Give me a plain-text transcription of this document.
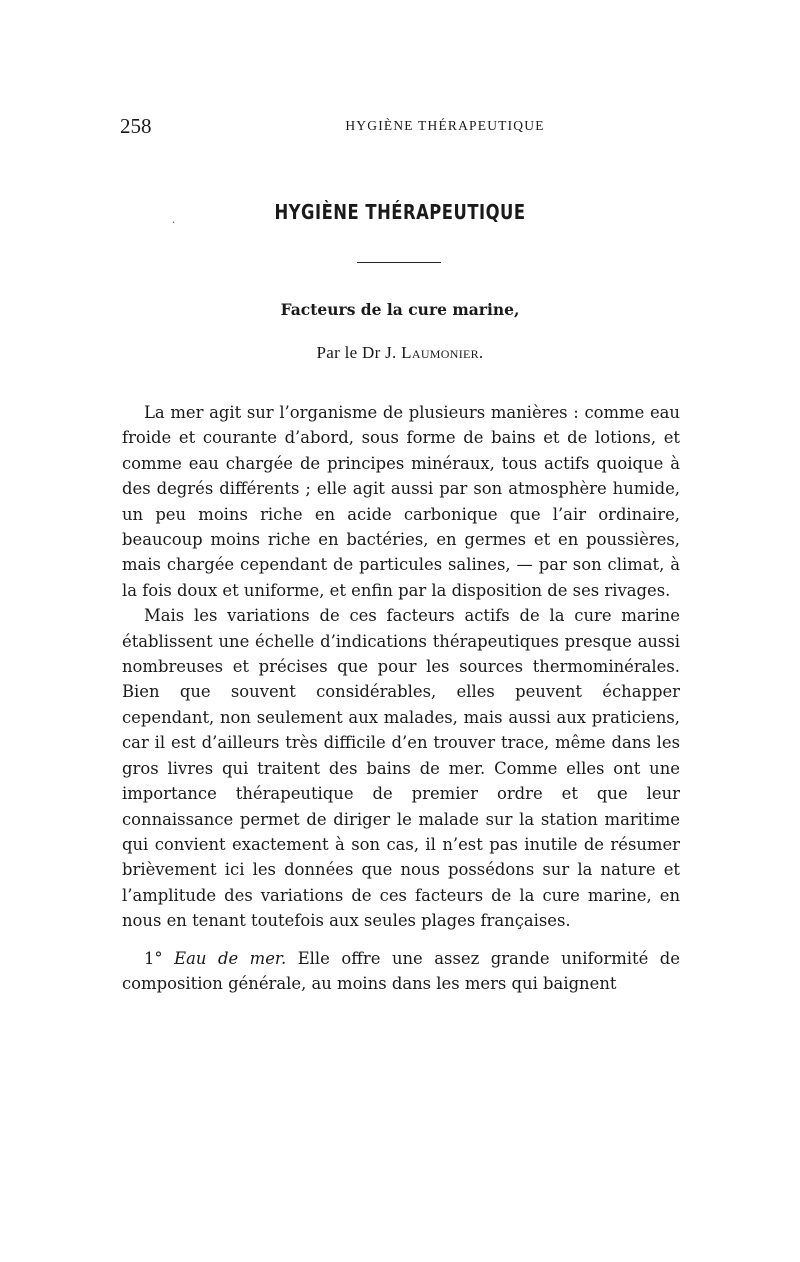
258	HYGIÈNE THÉRAPEUTIQUE
HYGIÈNE THÉRAPEUTIQUE
Facteurs de la cure marine,
Par le Dr J. Laumonier.

La mer agit sur l’organisme de plusieurs manières : comme eau froide et courante d’abord, sous forme de bains et de lotions, et comme eau chargée de principes minéraux, tous actifs quoique à des degrés différents ; elle agit aussi par son atmosphère humide, un peu moins riche en acide carbonique que l’air ordinaire, beaucoup moins riche en bactéries, en germes et en poussières, mais chargée cependant de particules salines, — par son climat, à la fois doux et uniforme, et enfin par la disposition de ses rivages.

Mais les variations de ces facteurs actifs de la cure marine établissent une échelle d’indications thérapeutiques presque aussi nombreuses et précises que pour les sources thermominérales. Bien que souvent considérables, elles peuvent échapper cependant, non seulement aux malades, mais aussi aux praticiens, car il est d’ailleurs très difficile d’en trouver trace, même dans les gros livres qui traitent des bains de mer. Comme elles ont une importance thérapeutique de premier ordre et que leur connaissance permet de diriger le malade sur la station maritime qui convient exactement à son cas, il n’est pas inutile de résumer brièvement ici les données que nous possédons sur la nature et l’amplitude des variations de ces facteurs de la cure marine, en nous en tenant toutefois aux seules plages françaises.

1° Eau de mer. Elle offre une assez grande uniformité de composition générale, au moins dans les mers qui baignent

.
